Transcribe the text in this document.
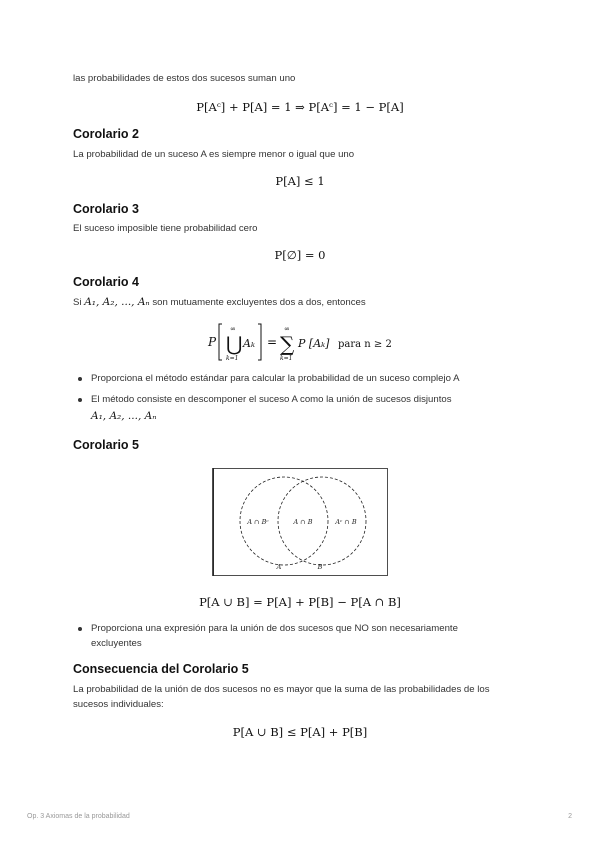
las probabilidades de estos dos sucesos suman uno
P[Aᶜ] + P[A] = 1 ⇒ P[Aᶜ] = 1 − P[A]
Corolario 2
La probabilidad de un suceso A es siempre menor o igual que uno
P[A] ≤ 1
Corolario 3
El suceso imposible tiene probabilidad cero
P[∅] = 0
Corolario 4
Si A₁, A₂, ..., Aₙ son mutuamente excluyentes dos a dos, entonces
P
∞
⋃
k=1
Aₖ =
∞
∑
k=1
P [Aₖ] para n ≥ 2
Proporciona el método estándar para calcular la probabilidad de un suceso complejo A
El método consiste en descomponer el suceso A como la unión de sucesos disjuntos
A₁, A₂, ..., Aₙ
Corolario 5
A ∩ Bᶜ	A ∩ B	Aᶜ ∩ B
A	B
P[A ∪ B] = P[A] + P[B] − P[A ∩ B]
Proporciona una expresión para la unión de dos sucesos que NO son necesariamente
excluyentes
Consecuencia del Corolario 5
La probabilidad de la unión de dos sucesos no es mayor que la suma de las probabilidades de los
sucesos individuales:
P[A ∪ B] ≤ P[A] + P[B]
Op. 3 Axiomas de la probabilidad	2
